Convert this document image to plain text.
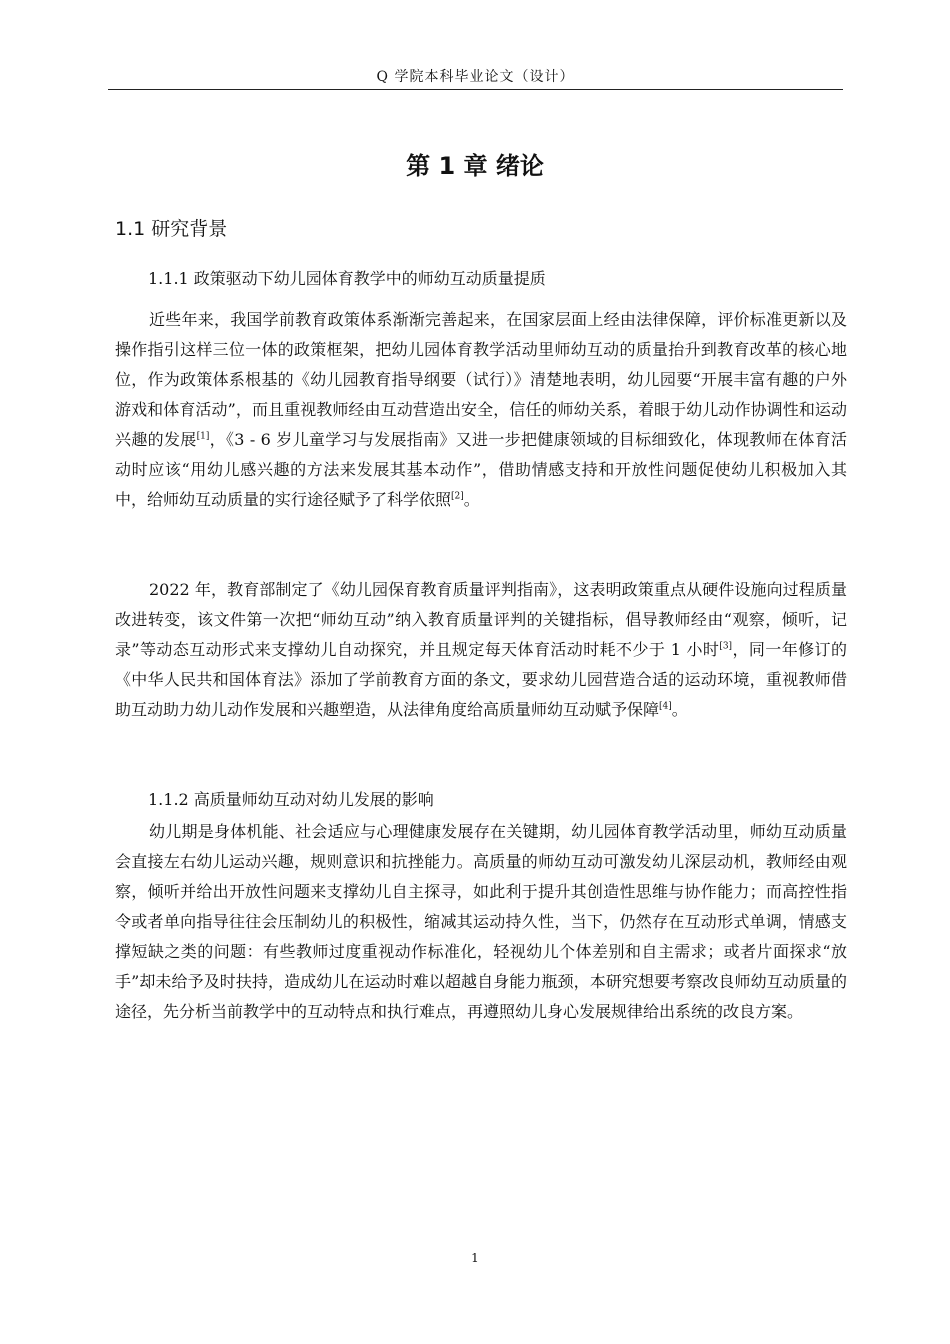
Q 学院本科毕业论文（设计）
第 1 章 绪论
1.1 研究背景
1.1.1 政策驱动下幼儿园体育教学中的师幼互动质量提质

近些年来，我国学前教育政策体系渐渐完善起来，在国家层面上经由法律保障，评价标准更新以及操作指引这样三位一体的政策框架，把幼儿园体育教学活动里师幼互动的质量抬升到教育改革的核心地位，作为政策体系根基的《幼儿园教育指导纲要（试行）》清楚地表明，幼儿园要“开展丰富有趣的户外游戏和体育活动”，而且重视教师经由互动营造出安全，信任的师幼关系，着眼于幼儿动作协调性和运动兴趣的发展[1]，《3 - 6 岁儿童学习与发展指南》又进一步把健康领域的目标细致化，体现教师在体育活动时应该“用幼儿感兴趣的方法来发展其基本动作”，借助情感支持和开放性问题促使幼儿积极加入其中，给师幼互动质量的实行途径赋予了科学依照[2]。

2022 年，教育部制定了《幼儿园保育教育质量评判指南》，这表明政策重点从硬件设施向过程质量改进转变，该文件第一次把“师幼互动”纳入教育质量评判的关键指标，倡导教师经由“观察，倾听，记录”等动态互动形式来支撑幼儿自动探究，并且规定每天体育活动时耗不少于 1 小时[3]，同一年修订的《中华人民共和国体育法》添加了学前教育方面的条文，要求幼儿园营造合适的运动环境，重视教师借助互动助力幼儿动作发展和兴趣塑造，从法律角度给高质量师幼互动赋予保障[4]。

1.1.2 高质量师幼互动对幼儿发展的影响

幼儿期是身体机能、社会适应与心理健康发展存在关键期，幼儿园体育教学活动里，师幼互动质量会直接左右幼儿运动兴趣，规则意识和抗挫能力。高质量的师幼互动可激发幼儿深层动机，教师经由观察，倾听并给出开放性问题来支撑幼儿自主探寻，如此利于提升其创造性思维与协作能力；而高控性指令或者单向指导往往会压制幼儿的积极性，缩减其运动持久性，当下，仍然存在互动形式单调，情感支撑短缺之类的问题：有些教师过度重视动作标准化，轻视幼儿个体差别和自主需求；或者片面探求“放手”却未给予及时扶持，造成幼儿在运动时难以超越自身能力瓶颈，本研究想要考察改良师幼互动质量的途径，先分析当前教学中的互动特点和执行难点，再遵照幼儿身心发展规律给出系统的改良方案。

1
